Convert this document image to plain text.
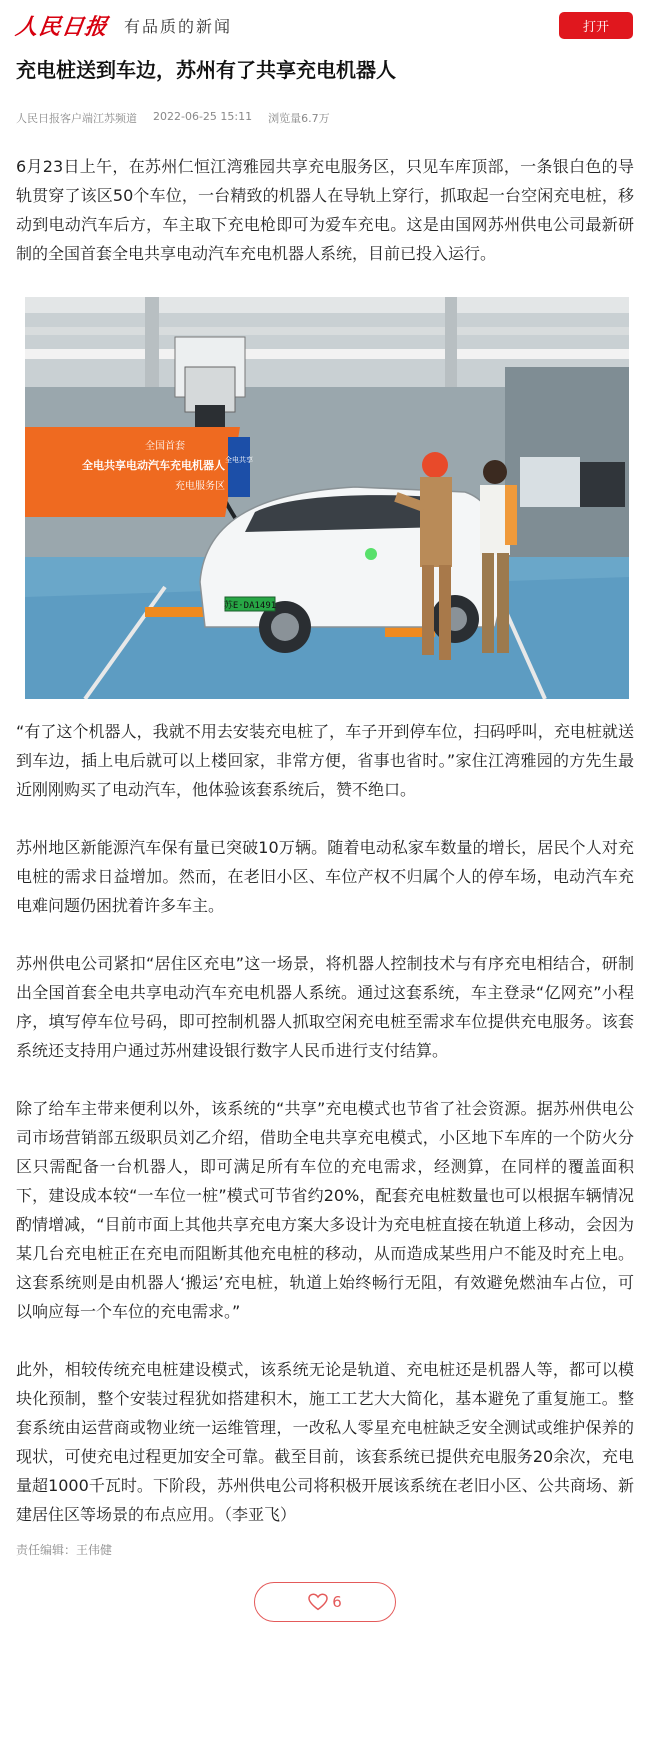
人民日报 有品质的新闻	打开
充电桩送到车边，苏州有了共享充电机器人
人民日报客户端江苏频道 2022-06-25 15:11 浏览量6.7万

6月23日上午，在苏州仁恒江湾雅园共享充电服务区，只见车库顶部，一条银白色的导轨贯穿了该区50个车位，一台精致的机器人在导轨上穿行，抓取起一台空闲充电桩，移动到电动汽车后方，车主取下充电枪即可为爱车充电。这是由国网苏州供电公司最新研制的全国首套全电共享电动汽车充电机器人系统，目前已投入运行。

全国首套
全电共享电动汽车充电机器人
充电服务区
全电共享
苏E·DA1491

“有了这个机器人，我就不用去安装充电桩了，车子开到停车位，扫码呼叫，充电桩就送到车边，插上电后就可以上楼回家，非常方便，省事也省时。”家住江湾雅园的方先生最近刚刚购买了电动汽车，他体验该套系统后，赞不绝口。

苏州地区新能源汽车保有量已突破10万辆。随着电动私家车数量的增长，居民个人对充电桩的需求日益增加。然而，在老旧小区、车位产权不归属个人的停车场，电动汽车充电难问题仍困扰着许多车主。

苏州供电公司紧扣“居住区充电”这一场景，将机器人控制技术与有序充电相结合，研制出全国首套全电共享电动汽车充电机器人系统。通过这套系统，车主登录“亿网充”小程序，填写停车位号码，即可控制机器人抓取空闲充电桩至需求车位提供充电服务。该套系统还支持用户通过苏州建设银行数字人民币进行支付结算。

除了给车主带来便利以外，该系统的“共享”充电模式也节省了社会资源。据苏州供电公司市场营销部五级职员刘乙介绍，借助全电共享充电模式，小区地下车库的一个防火分区只需配备一台机器人，即可满足所有车位的充电需求，经测算，在同样的覆盖面积下，建设成本较“一车位一桩”模式可节省约20%，配套充电桩数量也可以根据车辆情况酌情增减，“目前市面上其他共享充电方案大多设计为充电桩直接在轨道上移动，会因为某几台充电桩正在充电而阻断其他充电桩的移动，从而造成某些用户不能及时充上电。这套系统则是由机器人‘搬运’充电桩，轨道上始终畅行无阻，有效避免燃油车占位，可以响应每一个车位的充电需求。”

此外，相较传统充电桩建设模式，该系统无论是轨道、充电桩还是机器人等，都可以模块化预制，整个安装过程犹如搭建积木，施工工艺大大简化，基本避免了重复施工。整套系统由运营商或物业统一运维管理，一改私人零星充电桩缺乏安全测试或维护保养的现状，可使充电过程更加安全可靠。截至目前，该套系统已提供充电服务20余次，充电量超1000千瓦时。下阶段，苏州供电公司将积极开展该系统在老旧小区、公共商场、新建居住区等场景的布点应用。（李亚飞）

责任编辑：王伟健
6
